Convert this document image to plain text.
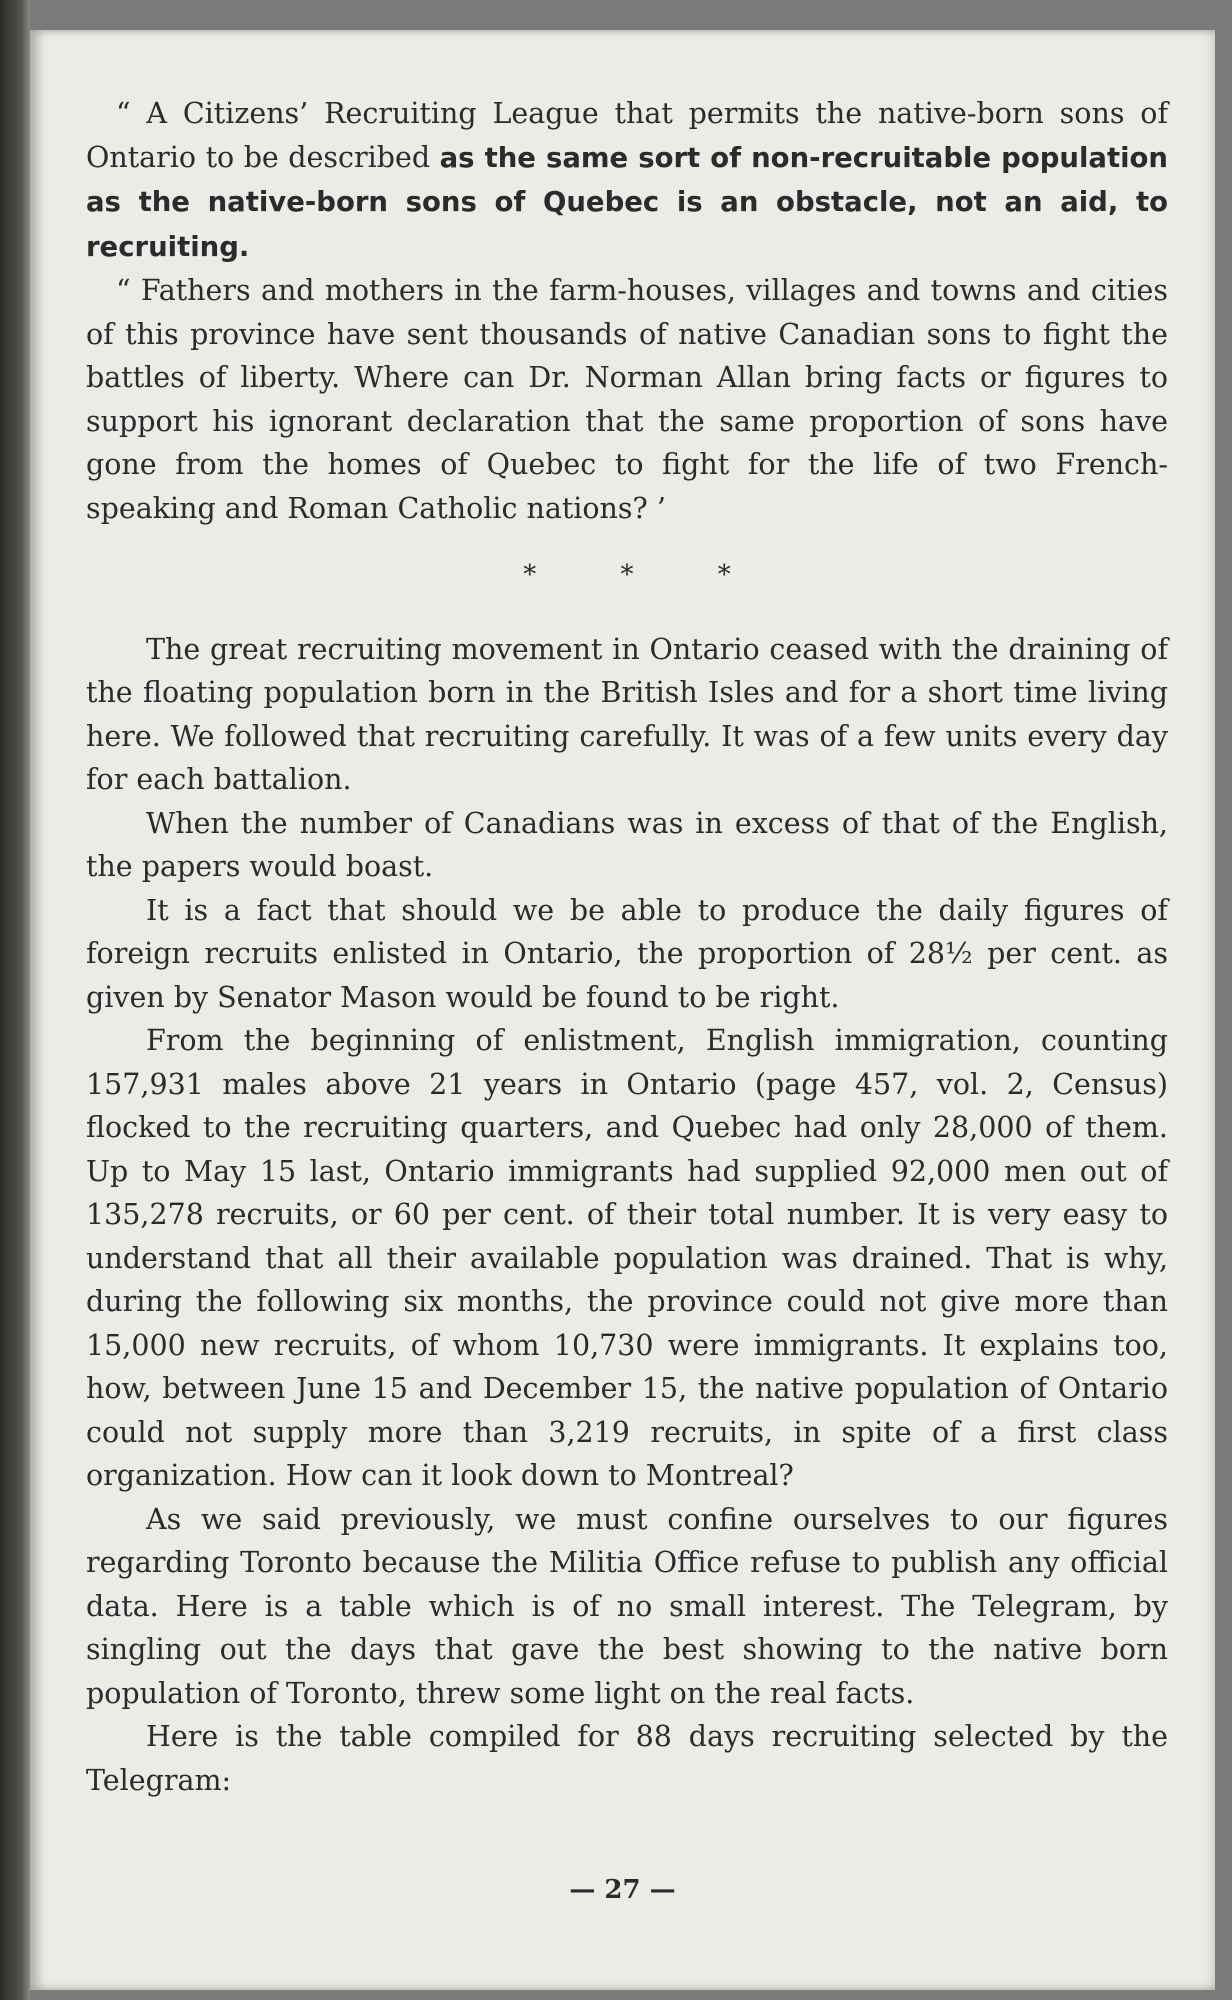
“ A Citizens’ Recruiting League that permits the native-born sons of Ontario to be described as the same sort of non-recruitable population as the native-born sons of Quebec is an obstacle, not an aid, to recruiting.

“ Fathers and mothers in the farm-houses, villages and towns and cities of this province have sent thousands of native Canadian sons to fight the battles of liberty. Where can Dr. Norman Allan bring facts or figures to support his ignorant declaration that the same proportion of sons have gone from the homes of Quebec to fight for the life of two French-speaking and Roman Catholic nations? ’

*	*	*

The great recruiting movement in Ontario ceased with the draining of the floating population born in the British Isles and for a short time living here. We followed that recruiting carefully. It was of a few units every day for each battalion.

When the number of Canadians was in excess of that of the English, the papers would boast.

It is a fact that should we be able to produce the daily figures of foreign recruits enlisted in Ontario, the proportion of 28½ per cent. as given by Senator Mason would be found to be right.

From the beginning of enlistment, English immigration, counting 157,931 males above 21 years in Ontario (page 457, vol. 2, Census) flocked to the recruiting quarters, and Quebec had only 28,000 of them. Up to May 15 last, Ontario immigrants had supplied 92,000 men out of 135,278 recruits, or 60 per cent. of their total number. It is very easy to understand that all their available population was drained. That is why, during the following six months, the province could not give more than 15,000 new recruits, of whom 10,730 were immigrants. It explains too, how, between June 15 and December 15, the native population of Ontario could not supply more than 3,219 recruits, in spite of a first class organization. How can it look down to Montreal?

As we said previously, we must confine ourselves to our figures regarding Toronto because the Militia Office refuse to publish any official data. Here is a table which is of no small interest. The Telegram, by singling out the days that gave the best showing to the native born population of Toronto, threw some light on the real facts.

Here is the table compiled for 88 days recruiting selected by the Telegram:

— 27 —
